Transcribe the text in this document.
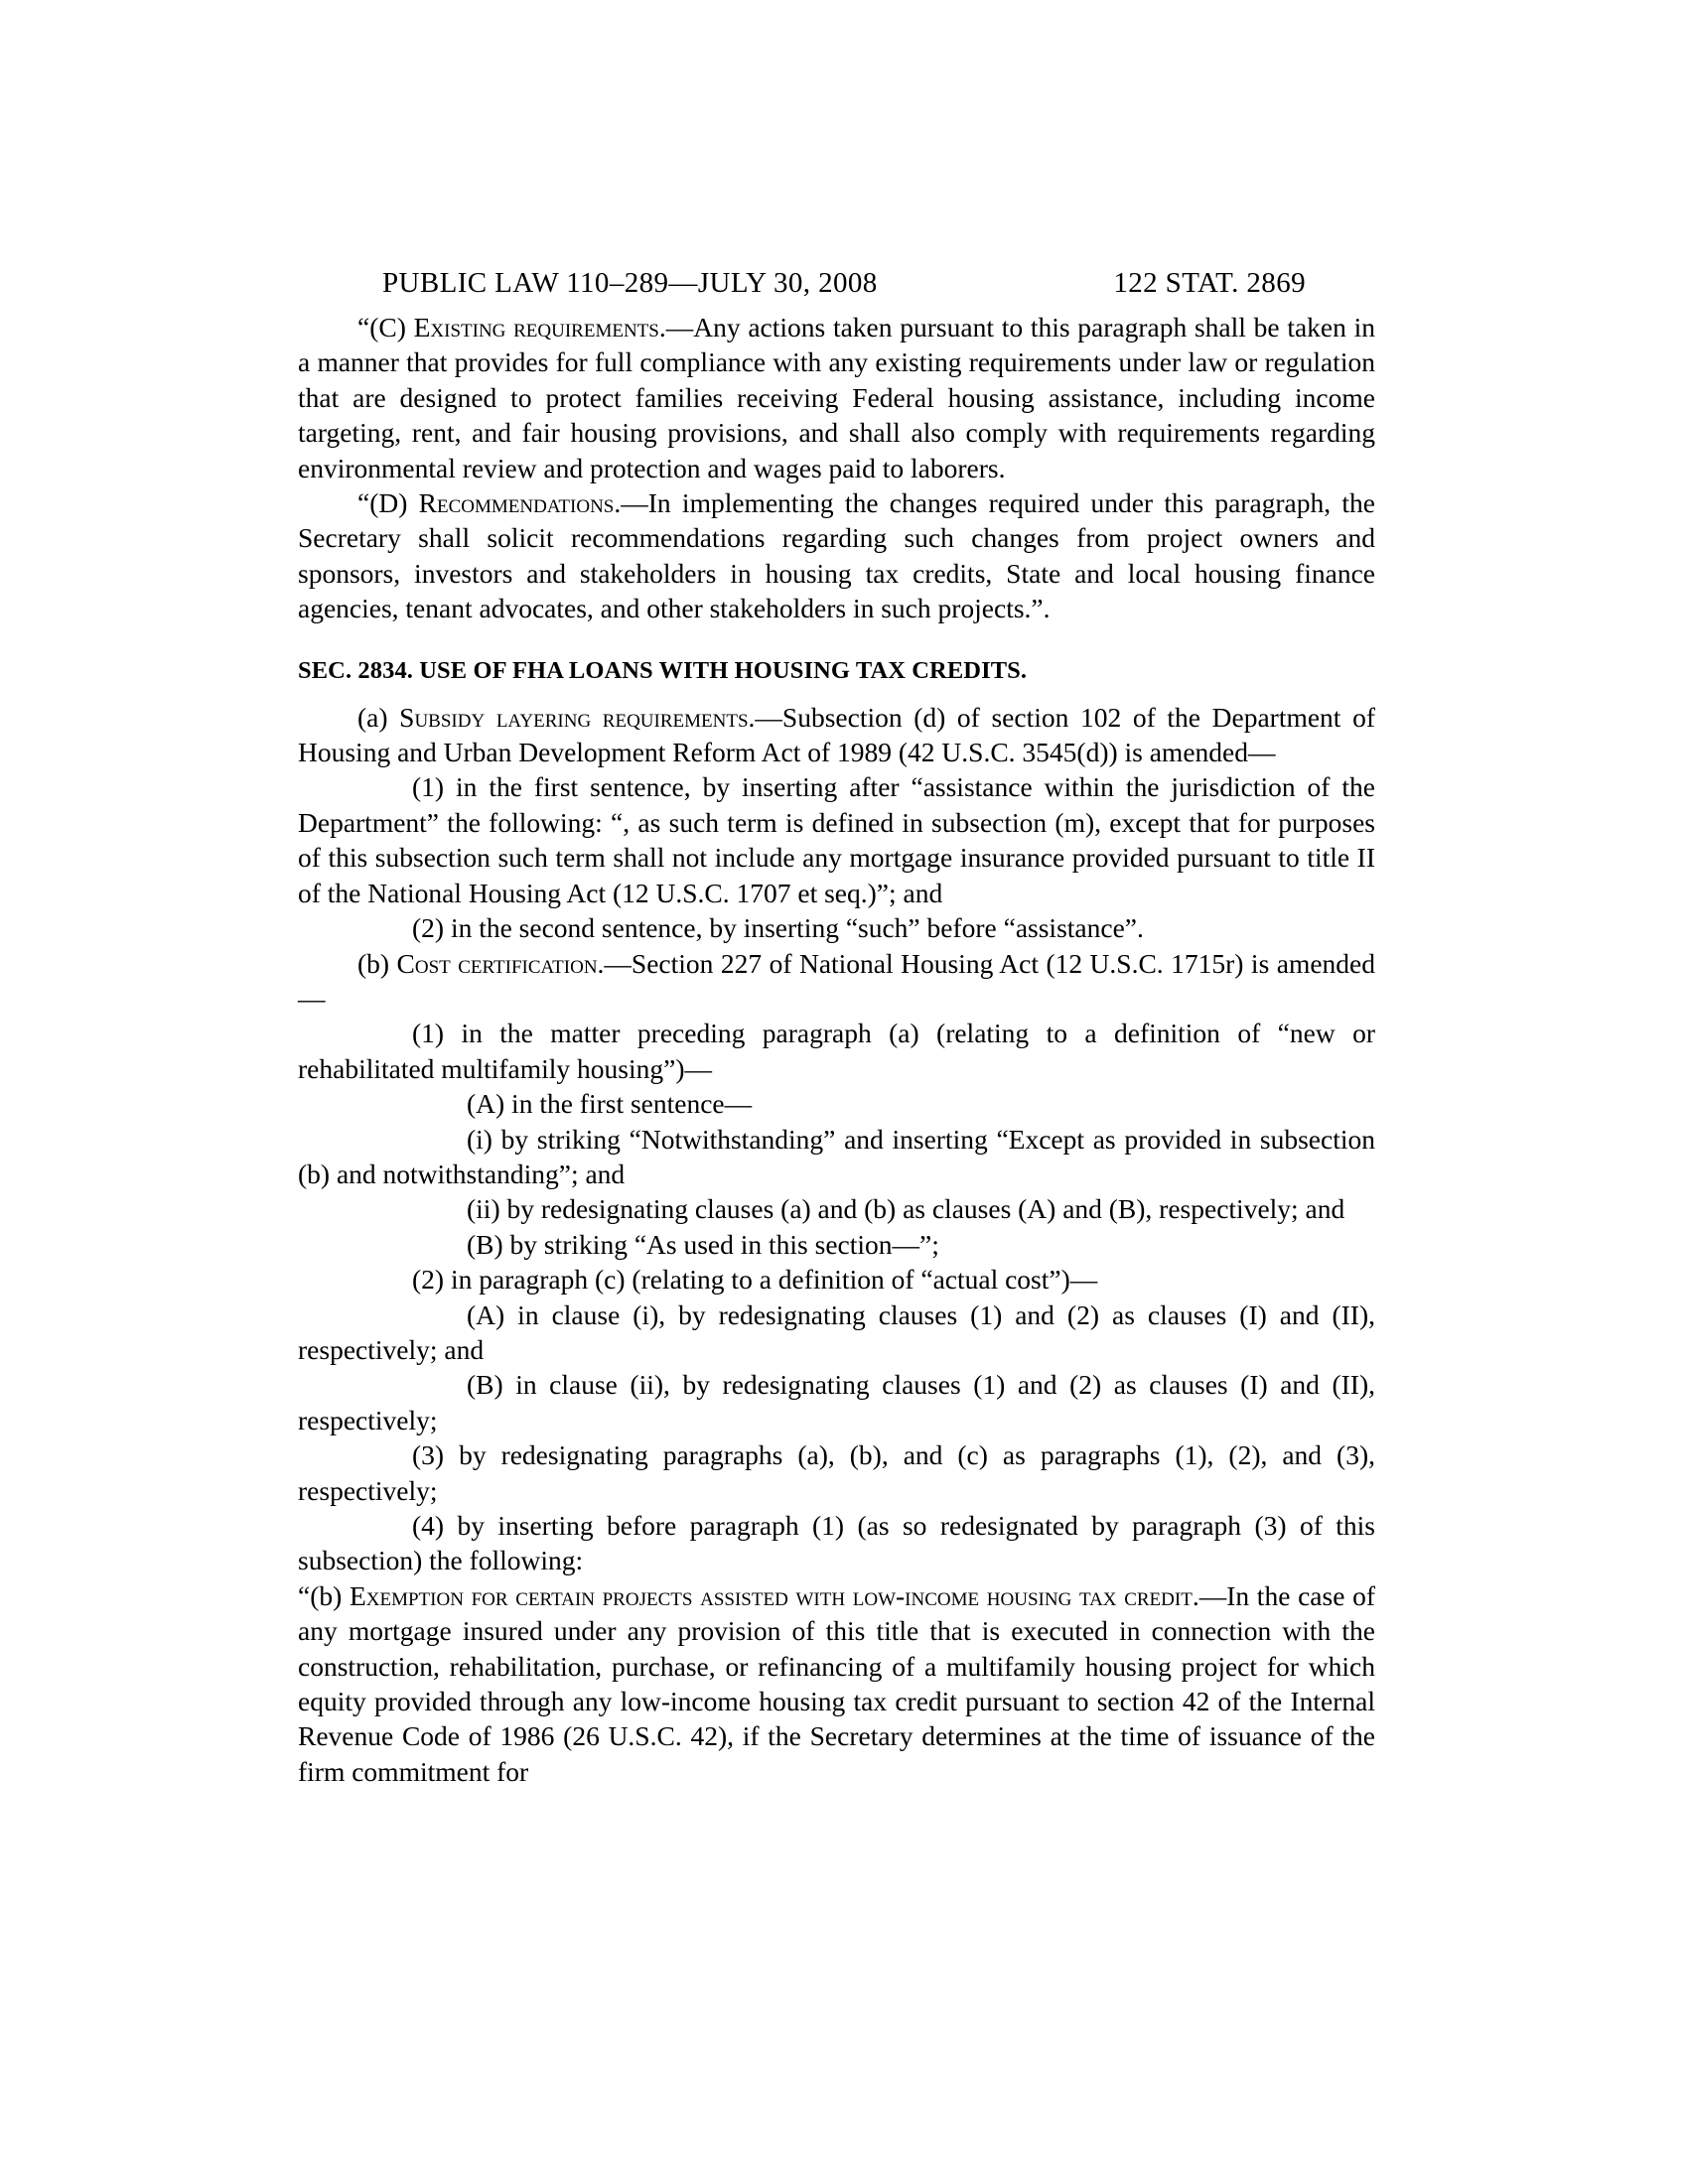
PUBLIC LAW 110–289—JULY 30, 2008	122 STAT. 2869

“(C) Existing requirements.—Any actions taken pursuant to this paragraph shall be taken in a manner that provides for full compliance with any existing requirements under law or regulation that are designed to protect families receiving Federal housing assistance, including income targeting, rent, and fair housing provisions, and shall also comply with requirements regarding environmental review and protection and wages paid to laborers.

“(D) Recommendations.—In implementing the changes required under this paragraph, the Secretary shall solicit recommendations regarding such changes from project owners and sponsors, investors and stakeholders in housing tax credits, State and local housing finance agencies, tenant advocates, and other stakeholders in such projects.”.

SEC. 2834. USE OF FHA LOANS WITH HOUSING TAX CREDITS.

(a) Subsidy layering requirements.—Subsection (d) of section 102 of the Department of Housing and Urban Development Reform Act of 1989 (42 U.S.C. 3545(d)) is amended—

(1) in the first sentence, by inserting after “assistance within the jurisdiction of the Department” the following: “, as such term is defined in subsection (m), except that for purposes of this subsection such term shall not include any mortgage insurance provided pursuant to title II of the National Housing Act (12 U.S.C. 1707 et seq.)”; and

(2) in the second sentence, by inserting “such” before “assistance”.

(b) Cost certification.—Section 227 of National Housing Act (12 U.S.C. 1715r) is amended—

(1) in the matter preceding paragraph (a) (relating to a definition of “new or rehabilitated multifamily housing”)—

(A) in the first sentence—

(i) by striking “Notwithstanding” and inserting “Except as provided in subsection (b) and notwithstanding”; and

(ii) by redesignating clauses (a) and (b) as clauses (A) and (B), respectively; and

(B) by striking “As used in this section—”;

(2) in paragraph (c) (relating to a definition of “actual cost”)—

(A) in clause (i), by redesignating clauses (1) and (2) as clauses (I) and (II), respectively; and

(B) in clause (ii), by redesignating clauses (1) and (2) as clauses (I) and (II), respectively;

(3) by redesignating paragraphs (a), (b), and (c) as paragraphs (1), (2), and (3), respectively;

(4) by inserting before paragraph (1) (as so redesignated by paragraph (3) of this subsection) the following:

“(b) Exemption for certain projects assisted with low-income housing tax credit.—In the case of any mortgage insured under any provision of this title that is executed in connection with the construction, rehabilitation, purchase, or refinancing of a multifamily housing project for which equity provided through any low-income housing tax credit pursuant to section 42 of the Internal Revenue Code of 1986 (26 U.S.C. 42), if the Secretary determines at the time of issuance of the firm commitment for
